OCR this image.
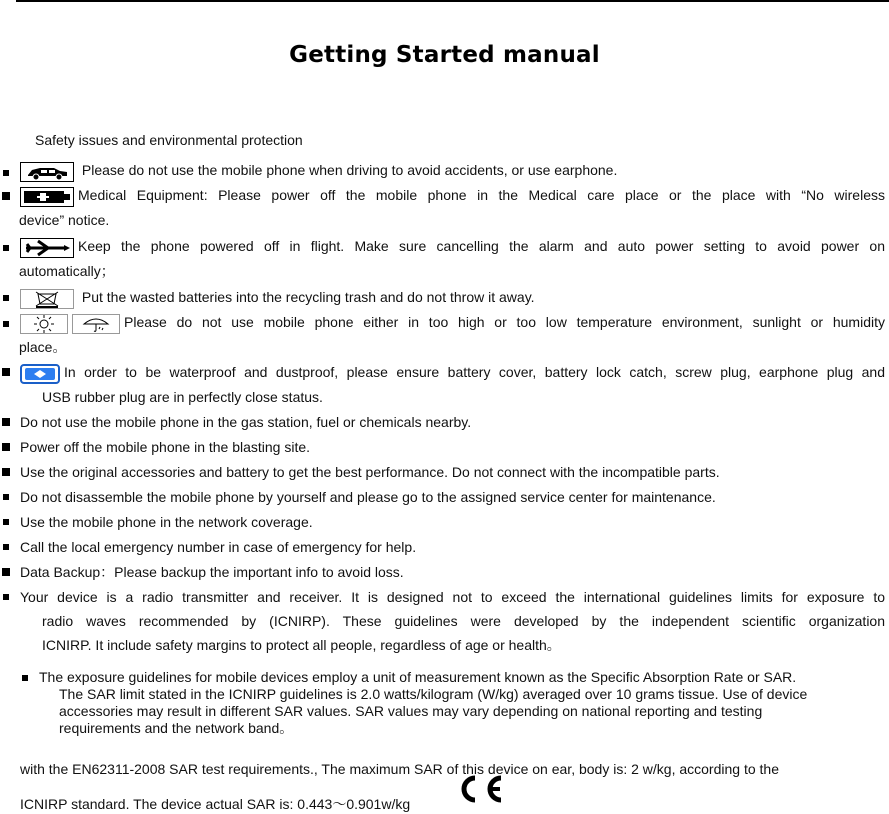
Getting Started manual
Safety issues and environmental protection
Please do not use the mobile phone when driving to avoid accidents, or use earphone.
Medical Equipment: Please power off the mobile phone in the Medical care place or the place with “No wireless
device” notice.
Keep the phone powered off in flight. Make sure cancelling the alarm and auto power setting to avoid power on
automatically；
Put the wasted batteries into the recycling trash and do not throw it away.
Please do not use mobile phone either in too high or too low temperature environment, sunlight or humidity
place。
In order to be waterproof and dustproof, please ensure battery cover, battery lock catch, screw plug, earphone plug and
USB rubber plug are in perfectly close status.
Do not use the mobile phone in the gas station, fuel or chemicals nearby.
Power off the mobile phone in the blasting site.
Use the original accessories and battery to get the best performance. Do not connect with the incompatible parts.
Do not disassemble the mobile phone by yourself and please go to the assigned service center for maintenance.
Use the mobile phone in the network coverage.
Call the local emergency number in case of emergency for help.
Data Backup：Please backup the important info to avoid loss.
Your device is a radio transmitter and receiver. It is designed not to exceed the international guidelines limits for exposure to
radio waves recommended by (ICNIRP). These guidelines were developed by the independent scientific organization
ICNIRP. It include safety margins to protect all people, regardless of age or health。
The exposure guidelines for mobile devices employ a unit of measurement known as the Specific Absorption Rate or SAR.
The SAR limit stated in the ICNIRP guidelines is 2.0 watts/kilogram (W/kg) averaged over 10 grams tissue. Use of device
accessories may result in different SAR values. SAR values may vary depending on national reporting and testing
requirements and the network band。
with the EN62311-2008 SAR test requirements., The maximum SAR of this device on ear, body is: 2 w/kg, according to the
ICNIRP standard. The device actual SAR is: 0.443～0.901w/kg
